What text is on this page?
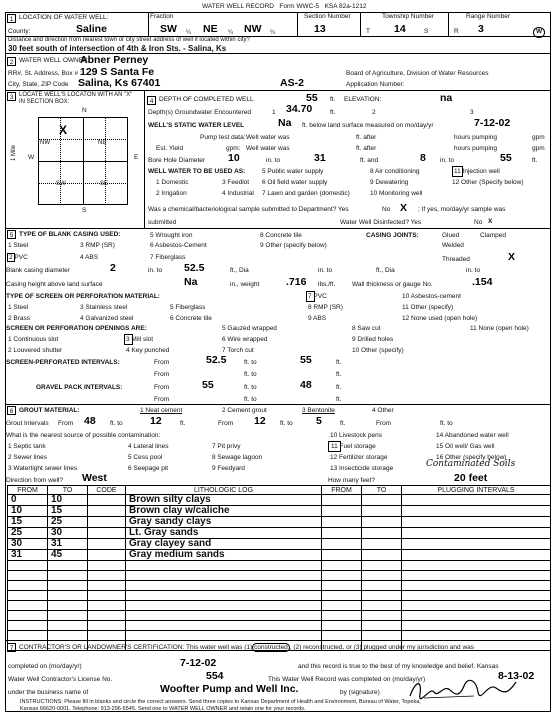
WATER WELL RECORD Form WWC-5 KSA 82a-1212
1 LOCATION OF WATER WELL:
County:	Saline
Fraction
SW ¼ NE ¼ NW ¼
Section Number
13
Township Number
T 14	S
Range Number
R 3	W
Distance and direction from nearest town or city street address of well if located within city?
30 feet south of intersection of 4th & Iron Sts. - Salina, Ks
2 WATER WELL OWNER:
Abner Perney
RR#, St. Address, Box # :
129 S Santa Fe
City, State, ZIP Code Salina, Ks 67401
Board of Agriculture, Division of Water Resources
Application Number:
AS-2
3 LOCATE WELL'S LOCATON WITH AN "X" IN SECTION BOX:
N
S
W	E
1 Mile
NW	NE
SW	SE
X
4 DEPTH OF COMPLETED WELL	55 ft. ELEVATION:	na
Depth(s) Groundwater Encountered	1 34.70	ft.	2	3
WELL'S STATIC WATER LEVEL	Na ft. below land surface measured on mo/day/yr	7-12-02
Pump test data: Well water was	ft. after	hours pumping	gpm
Est. Yield	gpm: Well water was	ft. after	hours pumping	gpm
Bore Hole Diameter 10	in. to	31	ft. and	8 in. to	55	ft.
WELL WATER TO BE USED AS:
1 Domestic
2 Irrigation
3 Feedlot
4 Industrial
5 Public water supply
6 Oil field water supply
7 Lawn and garden (domestic)
8 Air conditioning
9 Dewatering
10 Monitoring well
11 Injection well
12 Other (Specify below)
Was a chemical/bacteriological sample submitted to Department? Yes	No X ; If yes, mo/day/yr sample was
submitted	Water Well Disinfected? Yes	No X
5 TYPE OF BLANK CASING USED:
1 Steel
2 PVC
3 RMP (SR)
4 ABS
5 Wrought iron
6 Asbestos-Cement
7 Fiberglass
8 Concrete tile
9 Other (specify below)
CASING JOINTS:	Glued	Clamped
Welded
Threaded	X
Blank casing diameter	2	in. to 52.5	ft., Dia	in. to	ft., Dia	in. to
Casing height above land surface	Na	in., weight	.716 lbs./ft.	Wall thickness or gauge No.	.154
TYPE OF SCREEN OR PERFORATION MATERIAL:
1 Steel
2 Brass
3 Stainless steel
4 Galvanized steel
5 Fiberglass
6 Concrete tile
7 PVC
8 RMP (SR)
9 ABS
10 Asbestos-cement
11 Other (specify)
12 None used (open hole)
SCREEN OR PERFORATION OPENINGS ARE:
1 Continuous slot
2 Louvered shutter
3 Mill slot
4 Key punched
5 Gauzed wrapped
6 Wire wrapped
7 Torch cut
8 Saw cut
9 Drilled holes
10 Other (specify)
11 None (open hole)
SCREEN-PERFORATED INTERVALS:	From	52.5	ft. to	55	ft.
From	ft. to	ft.
GRAVEL PACK INTERVALS:	From	55	ft. to	48	ft.
From	ft. to	ft.
6 GROUT MATERIAL:	1 Neat cement	2 Cement grout	3 Bentonite	4 Other
Grout Intervals From 48 ft. to	12	ft.	From 12 ft. to 5	ft.	From	ft. to
What is the nearest source of possible contamination:
1 Septic tank
2 Sewer lines
3 Watertight sewer lines
4 Lateral lines
5 Cess pool
6 Seepage pit
7 Pit privy
8 Sewage lagoon
9 Feedyard
10 Livestock pens
11 Fuel storage
12 Fertilizer storage
13 Insecticide storage
14 Abandoned water well
15 Oil well/ Gas well
16 Other (specify below)
Contaminated Soils
Direction from well? West	How many feet?	20 feet
FROM	TO	CODE	LITHOLOGIC LOG	FROM	TO	PLUGGING INTERVALS
0	10		Brown silty clays			
10	15		Brown clay w/caliche			
15	25		Gray sandy clays			
25	30		Lt. Gray sands			
30	31		Gray clayey sand			
31	45		Gray medium sands			

7 CONTRACTOR'S OR LANDOWNER'S CERTIFICATION: This water well was (1) constructed , (2) reconstructed, or (3) plugged under my jurisdiction and was
completed on (mo/day/yr)	7-12-02	and this record is true to the best of my knowledge and belief. Kansas
Water Well Contractor's License No.	554	This Water Well Record was completed on (mo/day/yr)	8-13-02
under the business name of	Woofter Pump and Well Inc.	by (signature)
INSTRUCTIONS: Please fill in blanks and circle the correct answers. Send three copies to Kansas Department of Health and Environment, Bureau of Water, Topeka,
Kansas 66620-0001. Telephone: 913-296-5545. Send one to WATER WELL OWNER and retain one for your records.
